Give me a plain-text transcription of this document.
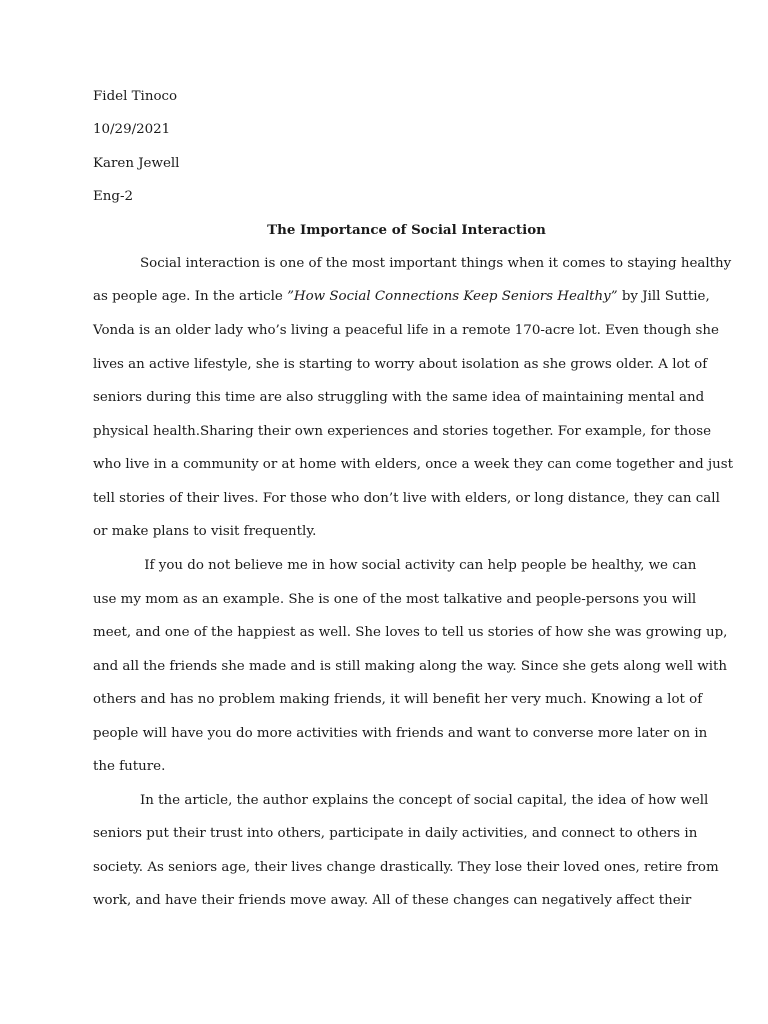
Fidel Tinoco
10/29/2021
Karen Jewell
Eng-2
The Importance of Social Interaction
Social interaction is one of the most important things when it comes to staying healthy
as people age. In the article ”How Social Connections Keep Seniors Healthy” by Jill Suttie,
Vonda is an older lady who’s living a peaceful life in a remote 170-acre lot. Even though she
lives an active lifestyle, she is starting to worry about isolation as she grows older. A lot of
seniors during this time are also struggling with the same idea of maintaining mental and
physical health.Sharing their own experiences and stories together. For example, for those
who live in a community or at home with elders, once a week they can come together and just
tell stories of their lives. For those who don’t live with elders, or long distance, they can call
or make plans to visit frequently.
If you do not believe me in how social activity can help people be healthy, we can
use my mom as an example. She is one of the most talkative and people-persons you will
meet, and one of the happiest as well. She loves to tell us stories of how she was growing up,
and all the friends she made and is still making along the way. Since she gets along well with
others and has no problem making friends, it will benefit her very much. Knowing a lot of
people will have you do more activities with friends and want to converse more later on in
the future.
In the article, the author explains the concept of social capital, the idea of how well
seniors put their trust into others, participate in daily activities, and connect to others in
society. As seniors age, their lives change drastically. They lose their loved ones, retire from
work, and have their friends move away. All of these changes can negatively affect their
